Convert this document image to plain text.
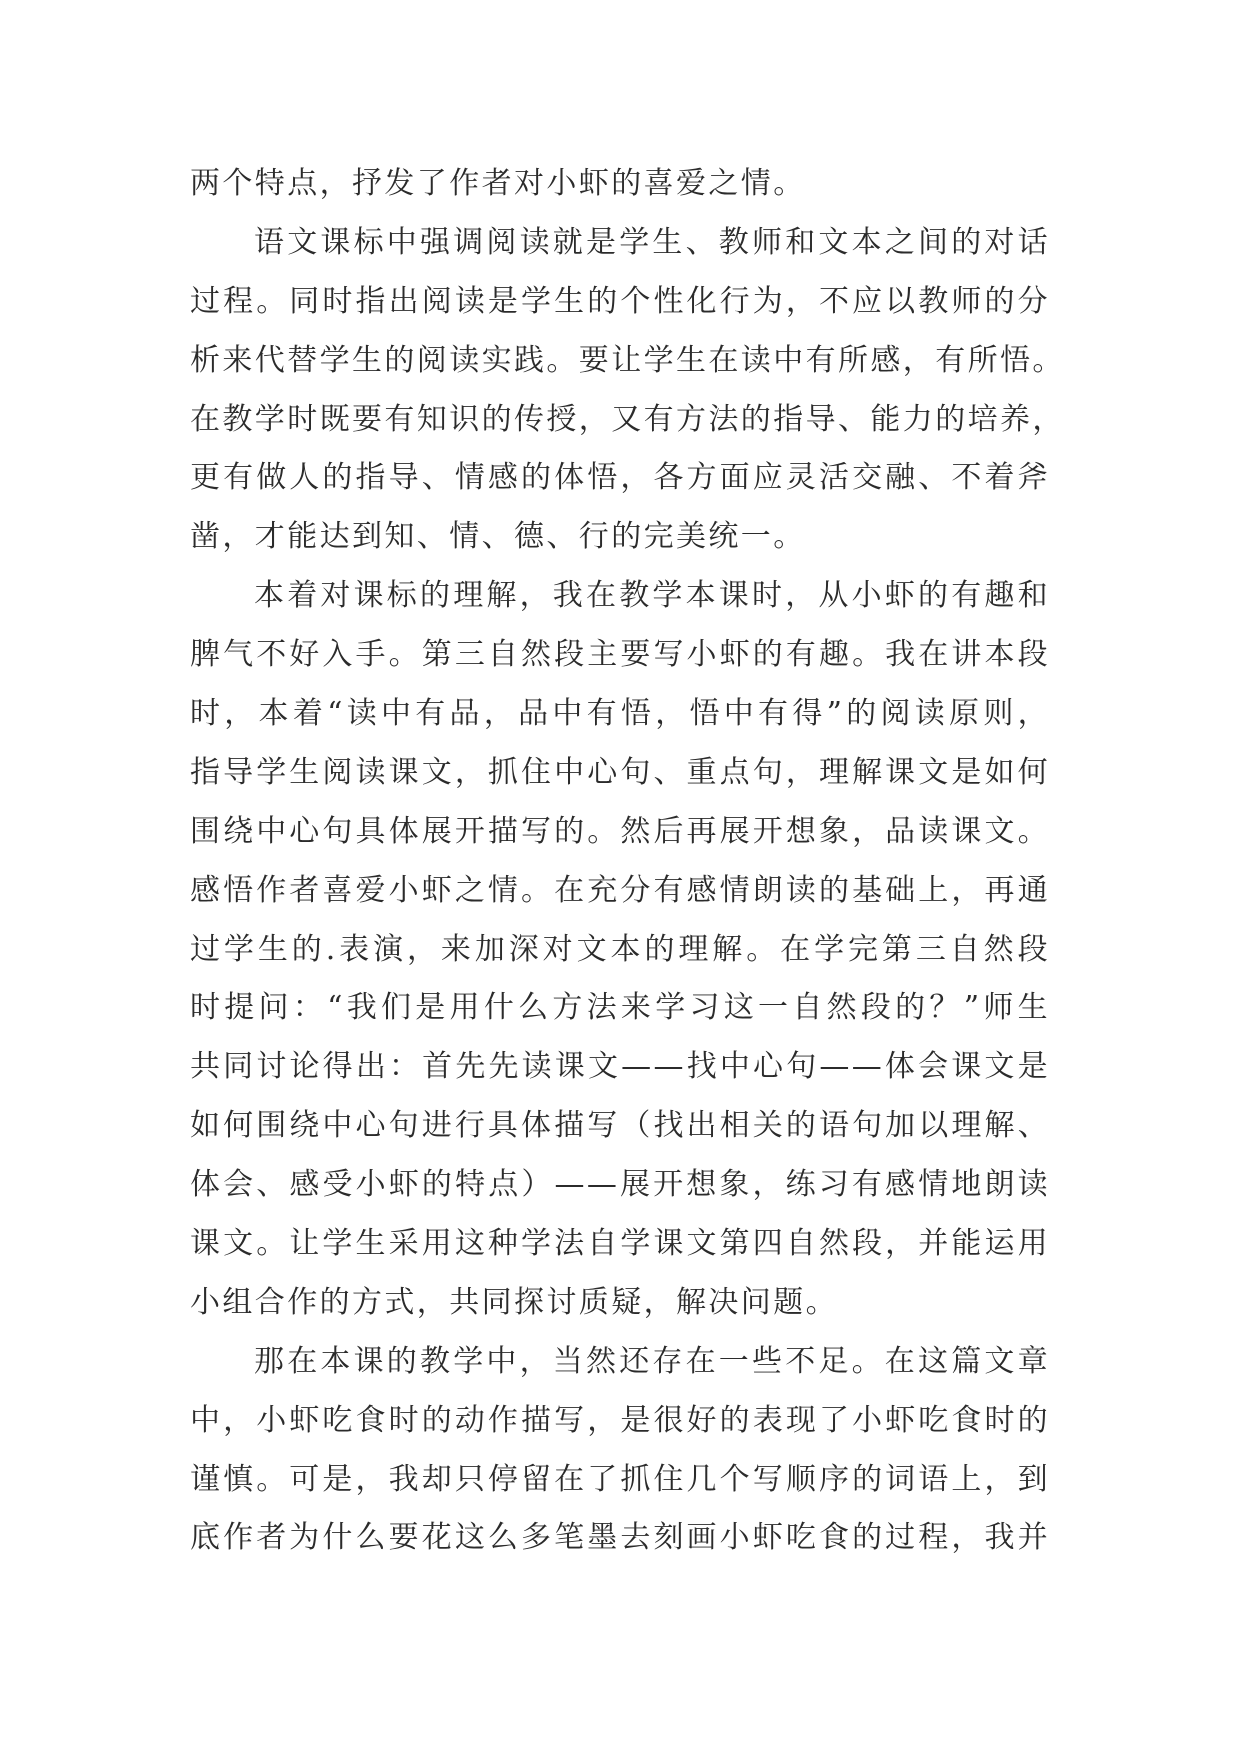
两个特点，抒发了作者对小虾的喜爱之情。
语文课标中强调阅读就是学生、教师和文本之间的对话
过程。同时指出阅读是学生的个性化行为，不应以教师的分
析来代替学生的阅读实践。要让学生在读中有所感，有所悟。
在教学时既要有知识的传授，又有方法的指导、能力的培养，
更有做人的指导、情感的体悟，各方面应灵活交融、不着斧
凿，才能达到知、情、德、行的完美统一。
本着对课标的理解，我在教学本课时，从小虾的有趣和
脾气不好入手。第三自然段主要写小虾的有趣。我在讲本段
时，本着“读中有品，品中有悟，悟中有得”的阅读原则，
指导学生阅读课文，抓住中心句、重点句，理解课文是如何
围绕中心句具体展开描写的。然后再展开想象，品读课文。
感悟作者喜爱小虾之情。在充分有感情朗读的基础上，再通
过学生的.表演，来加深对文本的理解。在学完第三自然段
时提问：“我们是用什么方法来学习这一自然段的？”师生
共同讨论得出：首先先读课文——找中心句——体会课文是
如何围绕中心句进行具体描写（找出相关的语句加以理解、
体会、感受小虾的特点）——展开想象，练习有感情地朗读
课文。让学生采用这种学法自学课文第四自然段，并能运用
小组合作的方式，共同探讨质疑，解决问题。
那在本课的教学中，当然还存在一些不足。在这篇文章
中，小虾吃食时的动作描写，是很好的表现了小虾吃食时的
谨慎。可是，我却只停留在了抓住几个写顺序的词语上，到
底作者为什么要花这么多笔墨去刻画小虾吃食的过程，我并
